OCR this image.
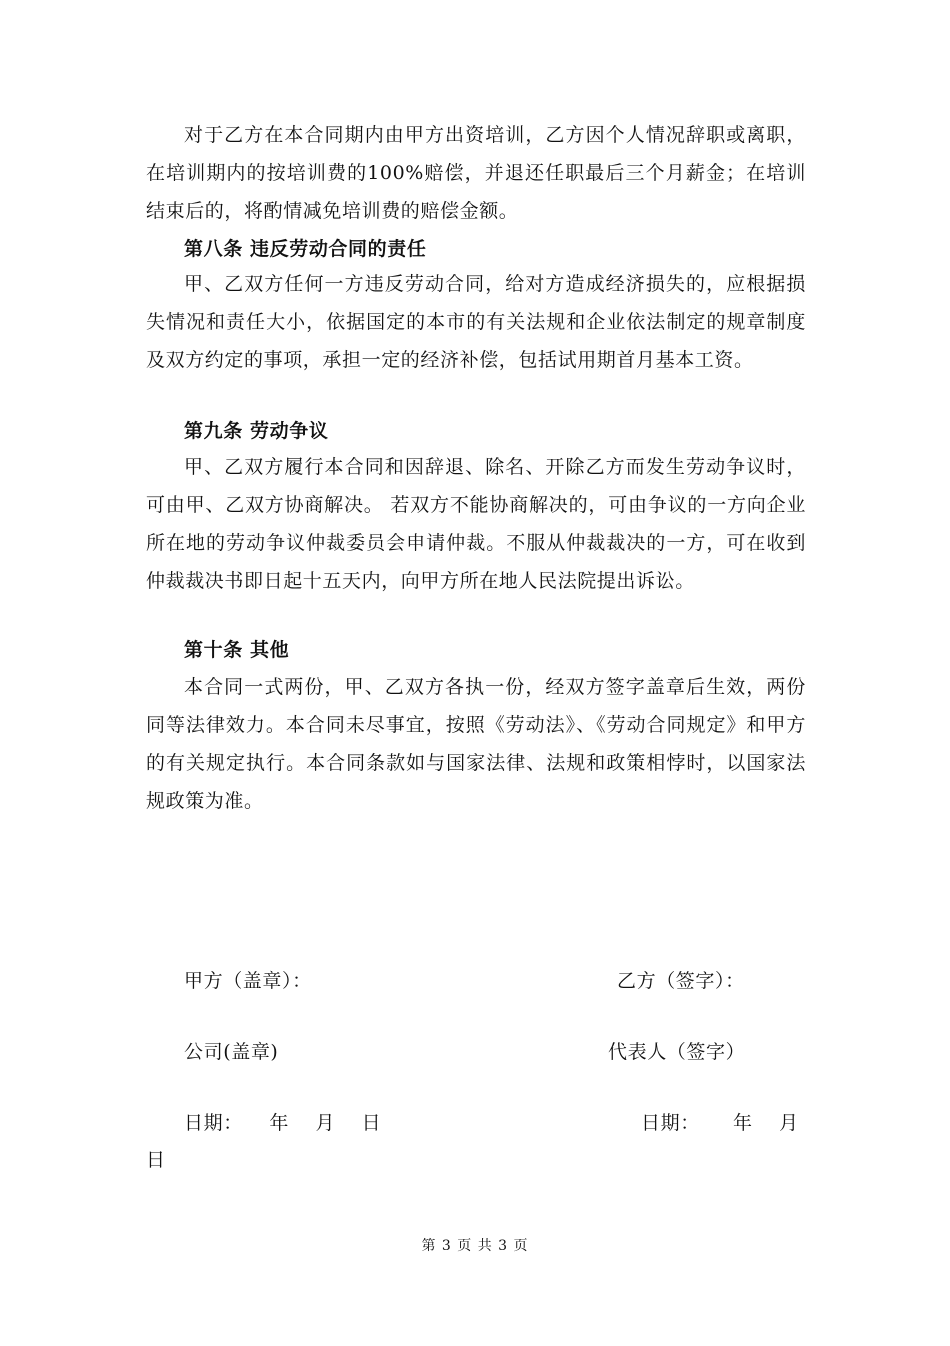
对于乙方在本合同期内由甲方出资培训，乙方因个人情况辞职或离职，在培训期内的按培训费的100%赔偿，并退还任职最后三个月薪金；在培训结束后的，将酌情减免培训费的赔偿金额。

第八条 违反劳动合同的责任

甲、乙双方任何一方违反劳动合同，给对方造成经济损失的，应根据损失情况和责任大小，依据国定的本市的有关法规和企业依法制定的规章制度及双方约定的事项，承担一定的经济补偿，包括试用期首月基本工资。

第九条 劳动争议

甲、乙双方履行本合同和因辞退、除名、开除乙方而发生劳动争议时，可由甲、乙双方协商解决。 若双方不能协商解决的，可由争议的一方向企业所在地的劳动争议仲裁委员会申请仲裁。不服从仲裁裁决的一方，可在收到仲裁裁决书即日起十五天内，向甲方所在地人民法院提出诉讼。

第十条 其他

本合同一式两份，甲、乙双方各执一份，经双方签字盖章后生效，两份同等法律效力。本合同未尽事宜，按照《劳动法》、《劳动合同规定》和甲方的有关规定执行。本合同条款如与国家法律、法规和政策相悖时，以国家法规政策为准。

甲方（盖章）：	乙方（签字）：
公司(盖章)	代表人（签字）
日期：    年    月    日	日期：     年    月
日
第 3 页 共 3 页
